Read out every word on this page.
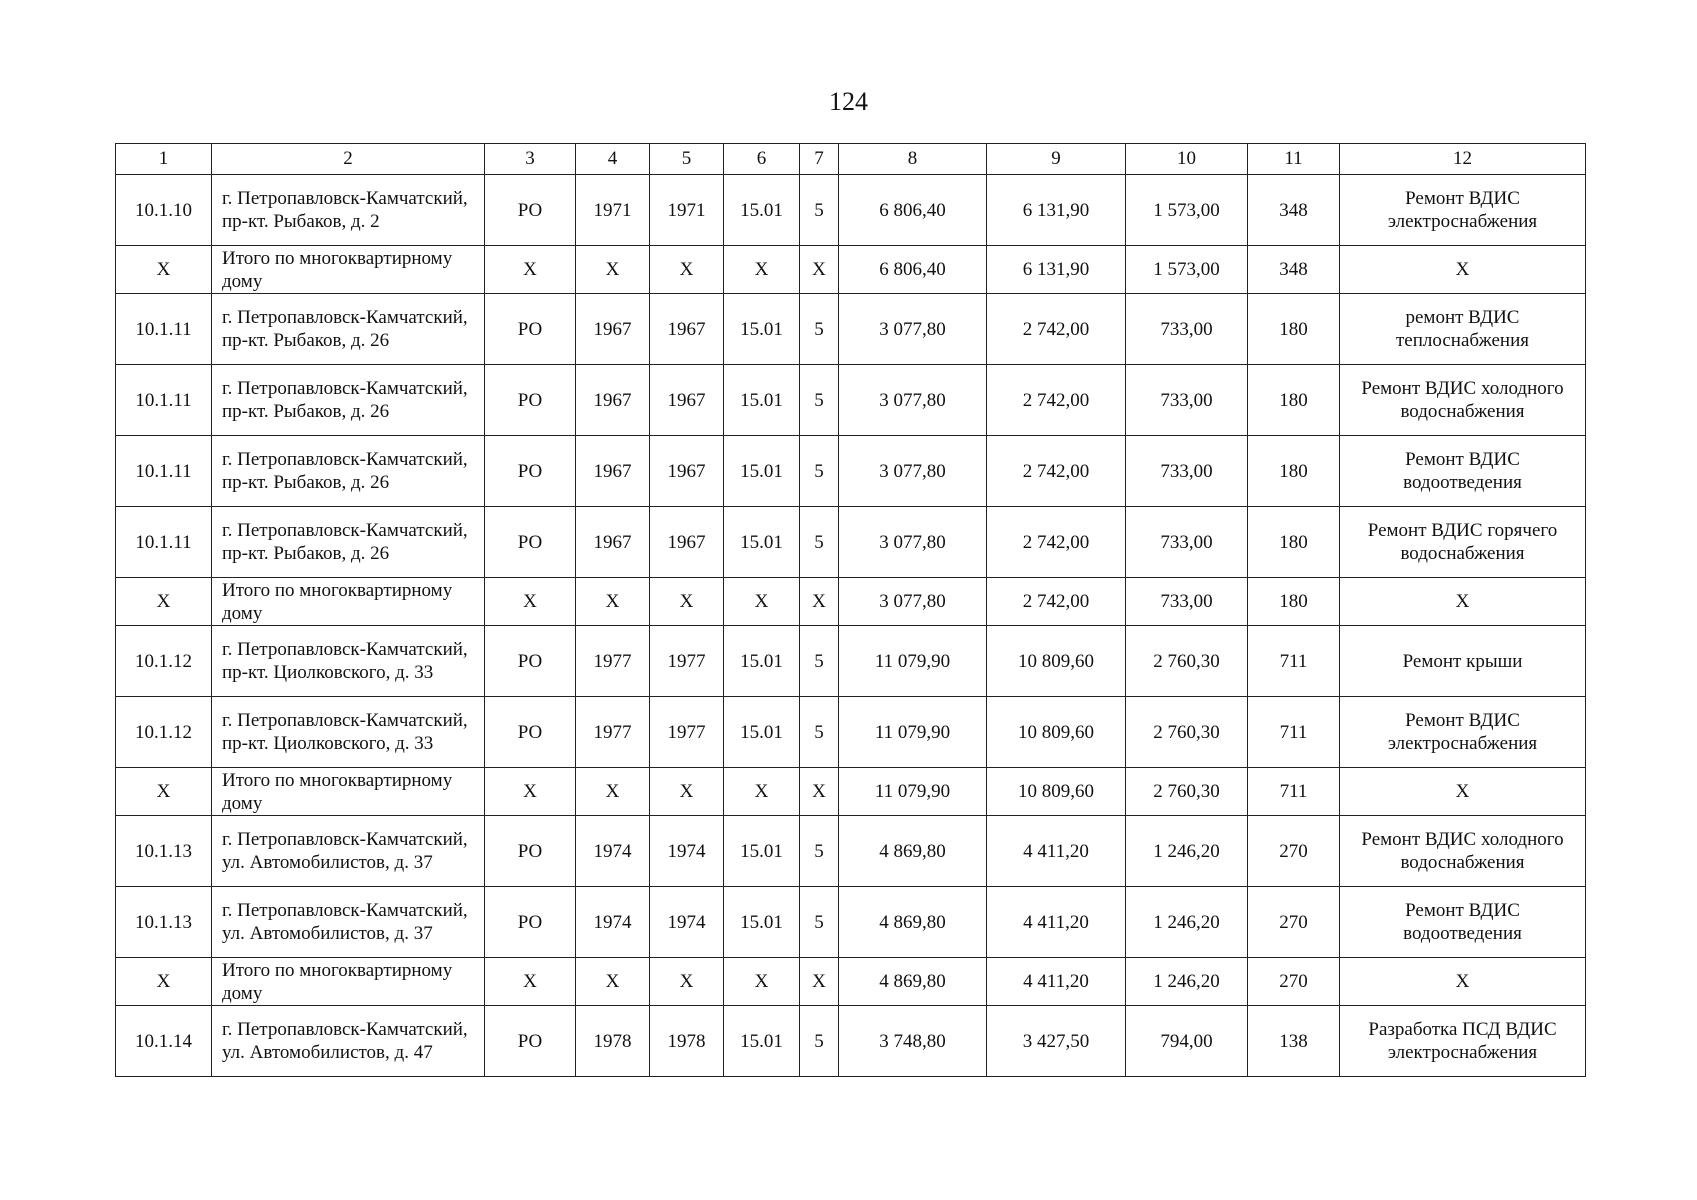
124
1	2	3	4	5	6	7	8	9	10	11	12
10.1.10	г. Петропавловск-Камчатский, пр-кт. Рыбаков, д. 2	РО	1971	1971	15.01	5	6 806,40	6 131,90	1 573,00	348	Ремонт ВДИС электроснабжения
Х	Итого по многоквартирному дому	Х	Х	Х	Х	Х	6 806,40	6 131,90	1 573,00	348	Х
10.1.11	г. Петропавловск-Камчатский, пр-кт. Рыбаков, д. 26	РО	1967	1967	15.01	5	3 077,80	2 742,00	733,00	180	ремонт ВДИС теплоснабжения
10.1.11	г. Петропавловск-Камчатский, пр-кт. Рыбаков, д. 26	РО	1967	1967	15.01	5	3 077,80	2 742,00	733,00	180	Ремонт ВДИС холодного водоснабжения
10.1.11	г. Петропавловск-Камчатский, пр-кт. Рыбаков, д. 26	РО	1967	1967	15.01	5	3 077,80	2 742,00	733,00	180	Ремонт ВДИС водоотведения
10.1.11	г. Петропавловск-Камчатский, пр-кт. Рыбаков, д. 26	РО	1967	1967	15.01	5	3 077,80	2 742,00	733,00	180	Ремонт ВДИС горячего водоснабжения
Х	Итого по многоквартирному дому	Х	Х	Х	Х	Х	3 077,80	2 742,00	733,00	180	Х
10.1.12	г. Петропавловск-Камчатский, пр-кт. Циолковского, д. 33	РО	1977	1977	15.01	5	11 079,90	10 809,60	2 760,30	711	Ремонт крыши
10.1.12	г. Петропавловск-Камчатский, пр-кт. Циолковского, д. 33	РО	1977	1977	15.01	5	11 079,90	10 809,60	2 760,30	711	Ремонт ВДИС электроснабжения
Х	Итого по многоквартирному дому	Х	Х	Х	Х	Х	11 079,90	10 809,60	2 760,30	711	Х
10.1.13	г. Петропавловск-Камчатский, ул. Автомобилистов, д. 37	РО	1974	1974	15.01	5	4 869,80	4 411,20	1 246,20	270	Ремонт ВДИС холодного водоснабжения
10.1.13	г. Петропавловск-Камчатский, ул. Автомобилистов, д. 37	РО	1974	1974	15.01	5	4 869,80	4 411,20	1 246,20	270	Ремонт ВДИС водоотведения
Х	Итого по многоквартирному дому	Х	Х	Х	Х	Х	4 869,80	4 411,20	1 246,20	270	Х
10.1.14	г. Петропавловск-Камчатский, ул. Автомобилистов, д. 47	РО	1978	1978	15.01	5	3 748,80	3 427,50	794,00	138	Разработка ПСД ВДИС электроснабжения
